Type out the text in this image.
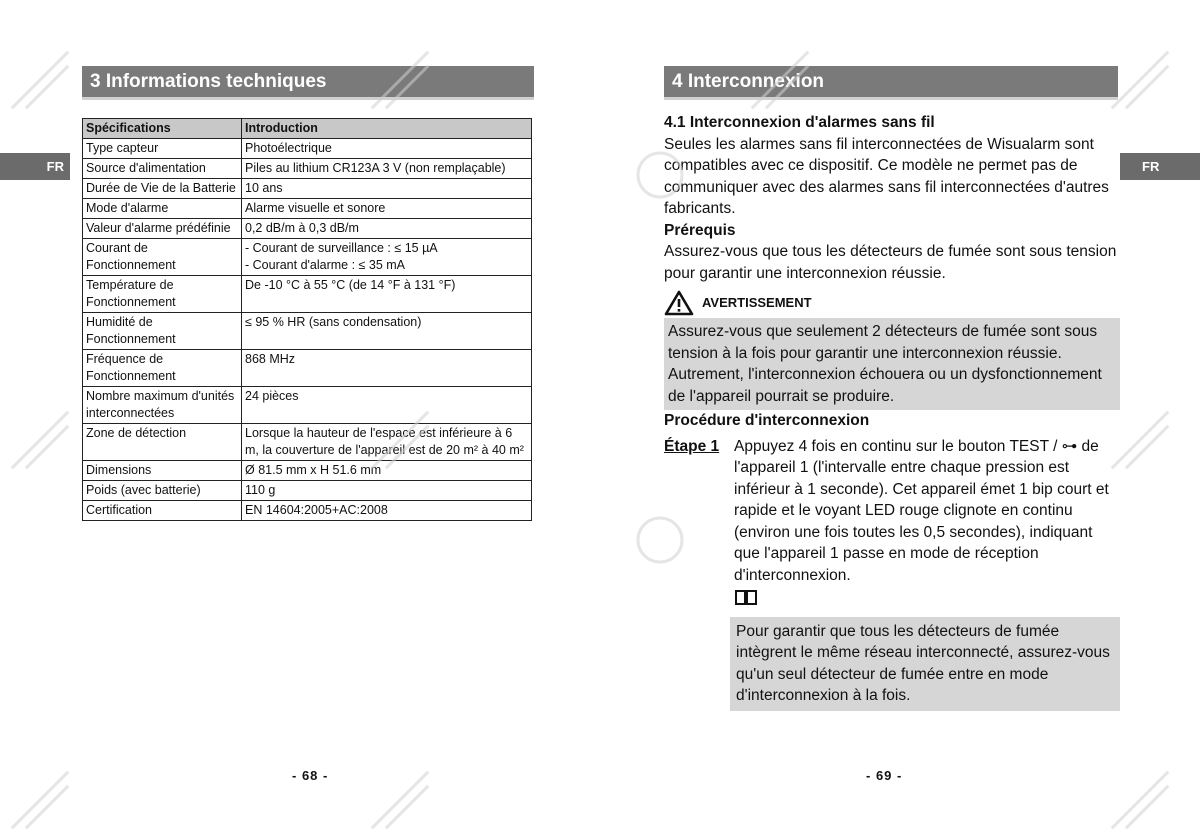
FR
3 Informations techniques
Spécifications	Introduction
Type capteur	Photoélectrique
Source d'alimentation	Piles au lithium CR123A 3 V (non remplaçable)
Durée de Vie de la Batterie	10 ans
Mode d'alarme	Alarme visuelle et sonore
Valeur d'alarme prédéfinie	0,2 dB/m à 0,3 dB/m
Courant de Fonctionnement	- Courant de surveillance : ≤ 15 µA
- Courant d'alarme : ≤ 35 mA
Température de Fonctionnement	De -10 °C à 55 °C (de 14 °F à 131 °F)
Humidité de Fonctionnement	≤ 95 % HR (sans condensation)
Fréquence de Fonctionnement	868 MHz
Nombre maximum d'unités interconnectées	24 pièces
Zone de détection	Lorsque la hauteur de l'espace est inférieure à 6 m, la couverture de l'appareil est de 20 m² à 40 m²
Dimensions	Ø 81.5 mm x H 51.6 mm
Poids (avec batterie)	110 g
Certification	EN 14604:2005+AC:2008
- 68 -
FR
4 Interconnexion

4.1 Interconnexion d'alarmes sans fil

Seules les alarmes sans fil interconnectées de Wisualarm sont compatibles avec ce dispositif. Ce modèle ne permet pas de communiquer avec des alarmes sans fil interconnectées d'autres fabricants.

Prérequis

Assurez-vous que tous les détecteurs de fumée sont sous tension pour garantir une interconnexion réussie.

AVERTISSEMENT

Assurez-vous que seulement 2 détecteurs de fumée sont sous tension à la fois pour garantir une interconnexion réussie. Autrement, l'interconnexion échouera ou un dysfonctionnement de l'appareil pourrait se produire.

Procédure d'interconnexion

Étape 1 Appuyez 4 fois en continu sur le bouton TEST / ⊶ de l'appareil 1 (l'intervalle entre chaque pression est inférieur à 1 seconde). Cet appareil émet 1 bip court et rapide et le voyant LED rouge clignote en continu (environ une fois toutes les 0,5 secondes), indiquant que l'appareil 1 passe en mode de réception d'interconnexion.

Pour garantir que tous les détecteurs de fumée intègrent le même réseau interconnecté, assurez-vous qu'un seul détecteur de fumée entre en mode d'interconnexion à la fois.

- 69 -
